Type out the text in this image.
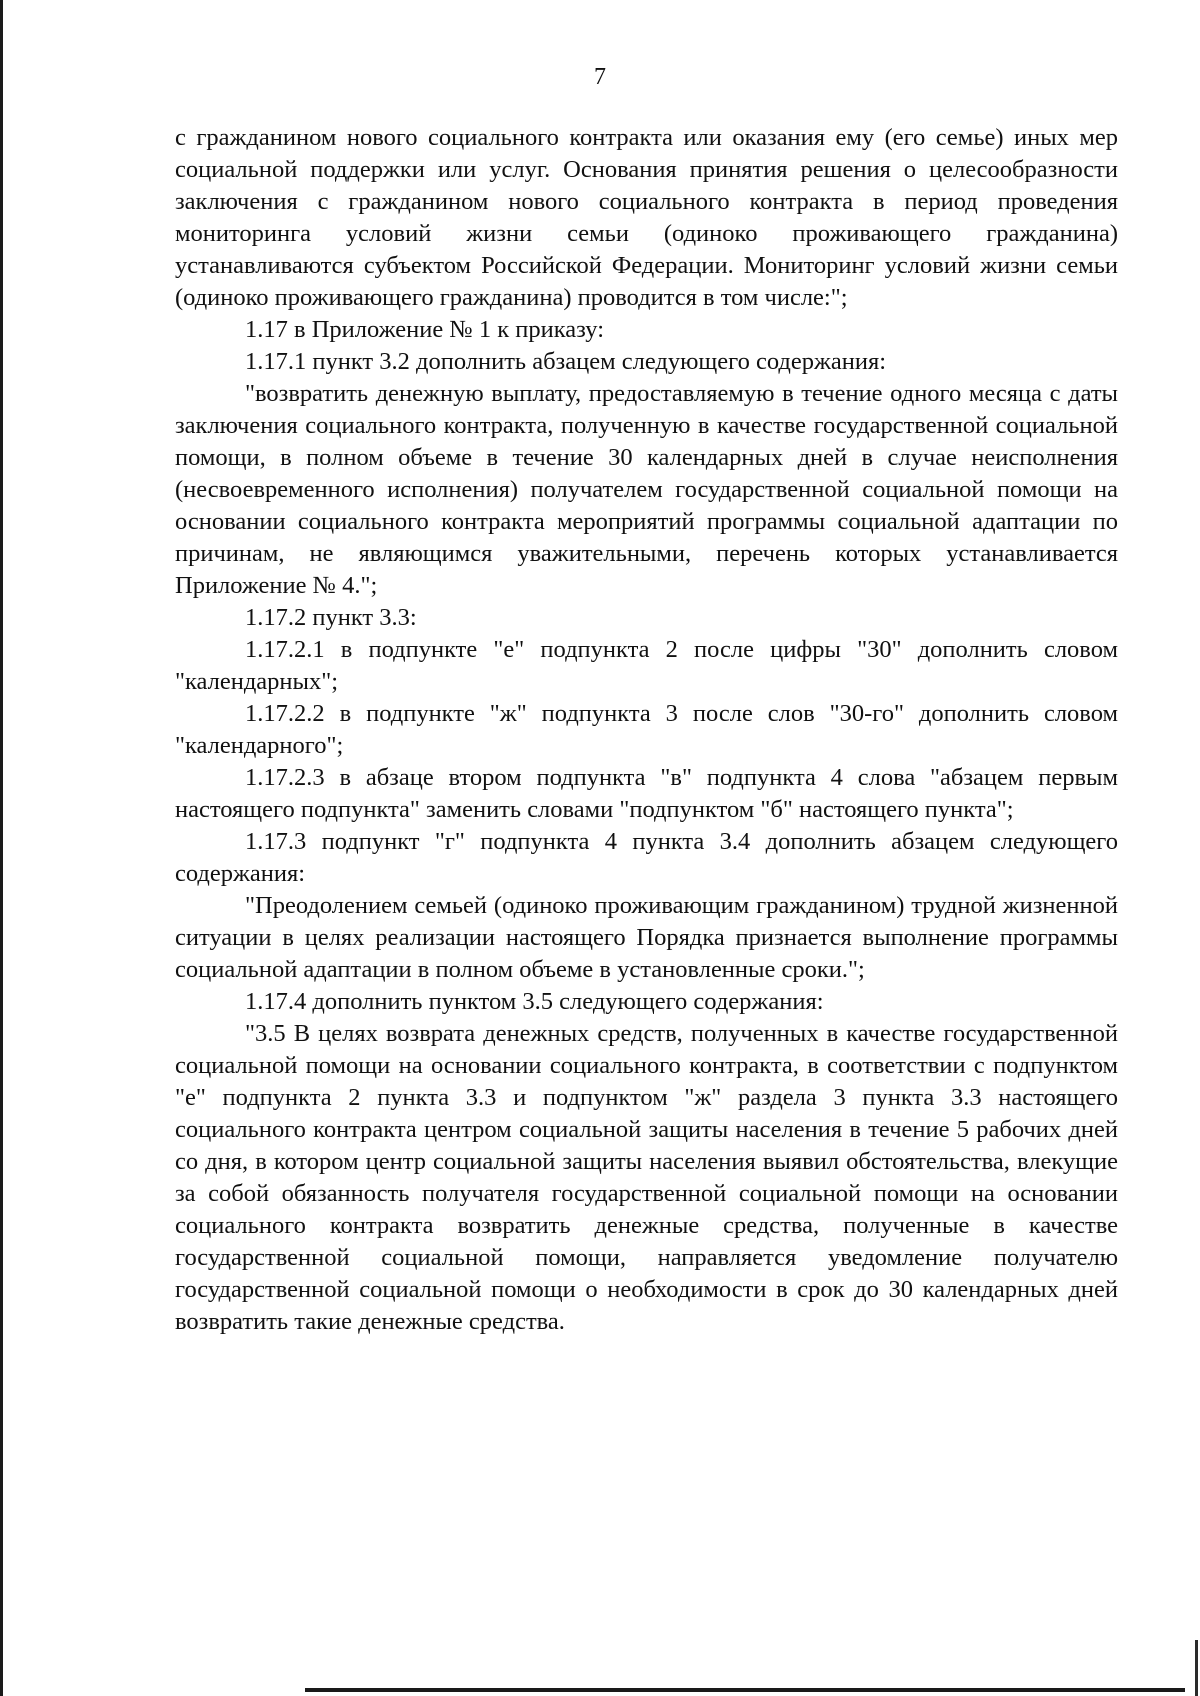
7

с гражданином нового социального контракта или оказания ему (его семье) иных мер социальной поддержки или услуг. Основания принятия решения о целесообразности заключения с гражданином нового социального контракта в период проведения мониторинга условий жизни семьи (одиноко проживающего гражданина) устанавливаются субъектом Российской Федерации. Мониторинг условий жизни семьи (одиноко проживающего гражданина) проводится в том числе:";

1.17 в Приложение № 1 к приказу:

1.17.1 пункт 3.2 дополнить абзацем следующего содержания:

"возвратить денежную выплату, предоставляемую в течение одного месяца с даты заключения социального контракта, полученную в качестве государственной социальной помощи, в полном объеме в течение 30 календарных дней в случае неисполнения (несвоевременного исполнения) получателем государственной социальной помощи на основании социального контракта мероприятий программы социальной адаптации по причинам, не являющимся уважительными, перечень которых устанавливается Приложение № 4.";

1.17.2 пункт 3.3:

1.17.2.1 в подпункте "е" подпункта 2 после цифры "30" дополнить словом "календарных";

1.17.2.2 в подпункте "ж" подпункта 3 после слов "30-го" дополнить словом "календарного";

1.17.2.3 в абзаце втором подпункта "в" подпункта 4 слова "абзацем первым настоящего подпункта" заменить словами "подпунктом "б" настоящего пункта";

1.17.3 подпункт "г" подпункта 4 пункта 3.4 дополнить абзацем следующего содержания:

"Преодолением семьей (одиноко проживающим гражданином) трудной жизненной ситуации в целях реализации настоящего Порядка признается выполнение программы социальной адаптации в полном объеме в установленные сроки.";

1.17.4 дополнить пунктом 3.5 следующего содержания:

"3.5 В целях возврата денежных средств, полученных в качестве государственной социальной помощи на основании социального контракта, в соответствии с подпунктом "е" подпункта 2 пункта 3.3 и подпунктом "ж" раздела 3 пункта 3.3 настоящего социального контракта центром социальной защиты населения в течение 5 рабочих дней со дня, в котором центр социальной защиты населения выявил обстоятельства, влекущие за собой обязанность получателя государственной социальной помощи на основании социального контракта возвратить денежные средства, полученные в качестве государственной социальной помощи, направляется уведомление получателю государственной социальной помощи о необходимости в срок до 30 календарных дней возвратить такие денежные средства.
